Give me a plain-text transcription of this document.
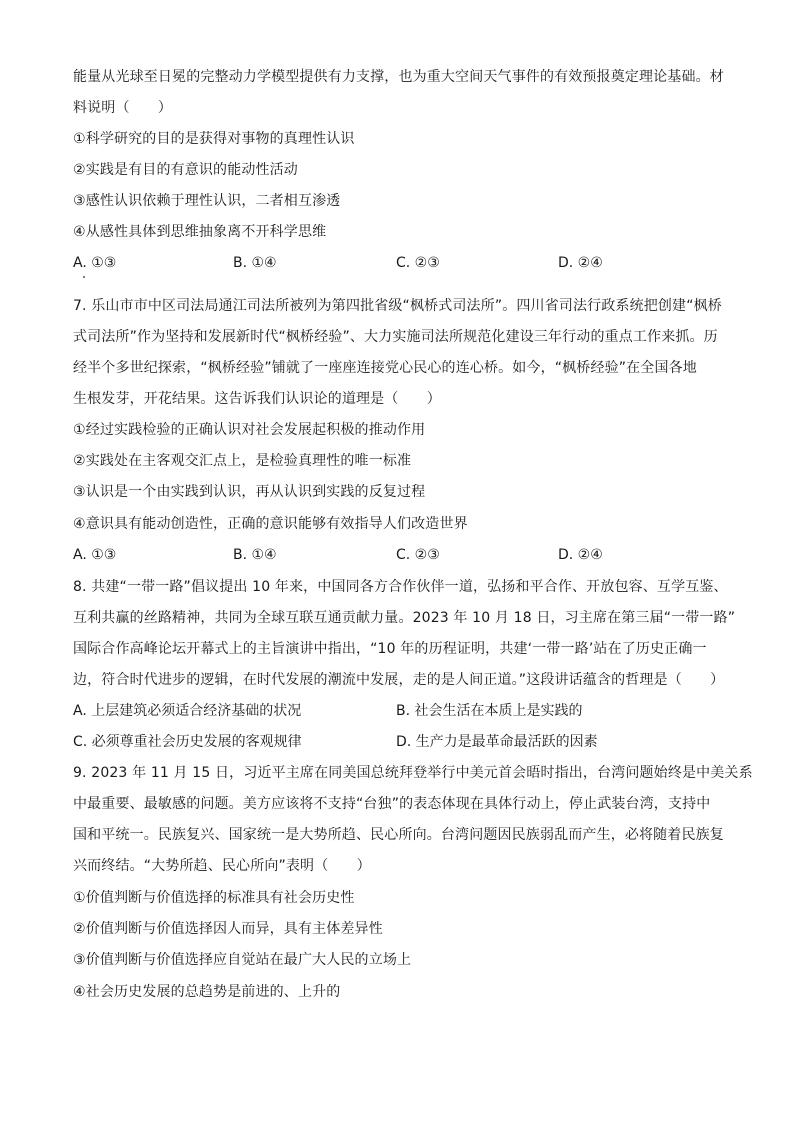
能量从光球至日冕的完整动力学模型提供有力支撑，也为重大空间天气事件的有效预报奠定理论基础。材
料说明（　　）
①科学研究的目的是获得对事物的真理性认识
②实践是有目的有意识的能动性活动
③感性认识依赖于理性认识，二者相互渗透
④从感性具体到思维抽象离不开科学思维
A. ①③	B. ①④	C. ②③	D. ②④
7. 乐山市市中区司法局通江司法所被列为第四批省级“枫桥式司法所”。四川省司法行政系统把创建“枫桥
式司法所”作为坚持和发展新时代“枫桥经验”、大力实施司法所规范化建设三年行动的重点工作来抓。历
经半个多世纪探索，“枫桥经验”铺就了一座座连接党心民心的连心桥。如今，“枫桥经验”在全国各地
生根发芽，开花结果。这告诉我们认识论的道理是（　　）
①经过实践检验的正确认识对社会发展起积极的推动作用
②实践处在主客观交汇点上，是检验真理性的唯一标准
③认识是一个由实践到认识，再从认识到实践的反复过程
④意识具有能动创造性，正确的意识能够有效指导人们改造世界
A. ①③	B. ①④	C. ②③	D. ②④
8. 共建“一带一路”倡议提出 10 年来，中国同各方合作伙伴一道，弘扬和平合作、开放包容、互学互鉴、
互利共赢的丝路精神，共同为全球互联互通贡献力量。2023 年 10 月 18 日，习主席在第三届“一带一路”
国际合作高峰论坛开幕式上的主旨演讲中指出，“10 年的历程证明，共建‘一带一路’站在了历史正确一
边，符合时代进步的逻辑，在时代发展的潮流中发展，走的是人间正道。”这段讲话蕴含的哲理是（　　）
A. 上层建筑必须适合经济基础的状况	B. 社会生活在本质上是实践的
C. 必须尊重社会历史发展的客观规律	D. 生产力是最革命最活跃的因素
9. 2023 年 11 月 15 日，习近平主席在同美国总统拜登举行中美元首会晤时指出，台湾问题始终是中美关系
中最重要、最敏感的问题。美方应该将不支持“台独”的表态体现在具体行动上，停止武装台湾，支持中
国和平统一。民族复兴、国家统一是大势所趋、民心所向。台湾问题因民族弱乱而产生，必将随着民族复
兴而终结。“大势所趋、民心所向”表明（　　）
①价值判断与价值选择的标准具有社会历史性
②价值判断与价值选择因人而异，具有主体差异性
③价值判断与价值选择应自觉站在最广大人民的立场上
④社会历史发展的总趋势是前进的、上升的
